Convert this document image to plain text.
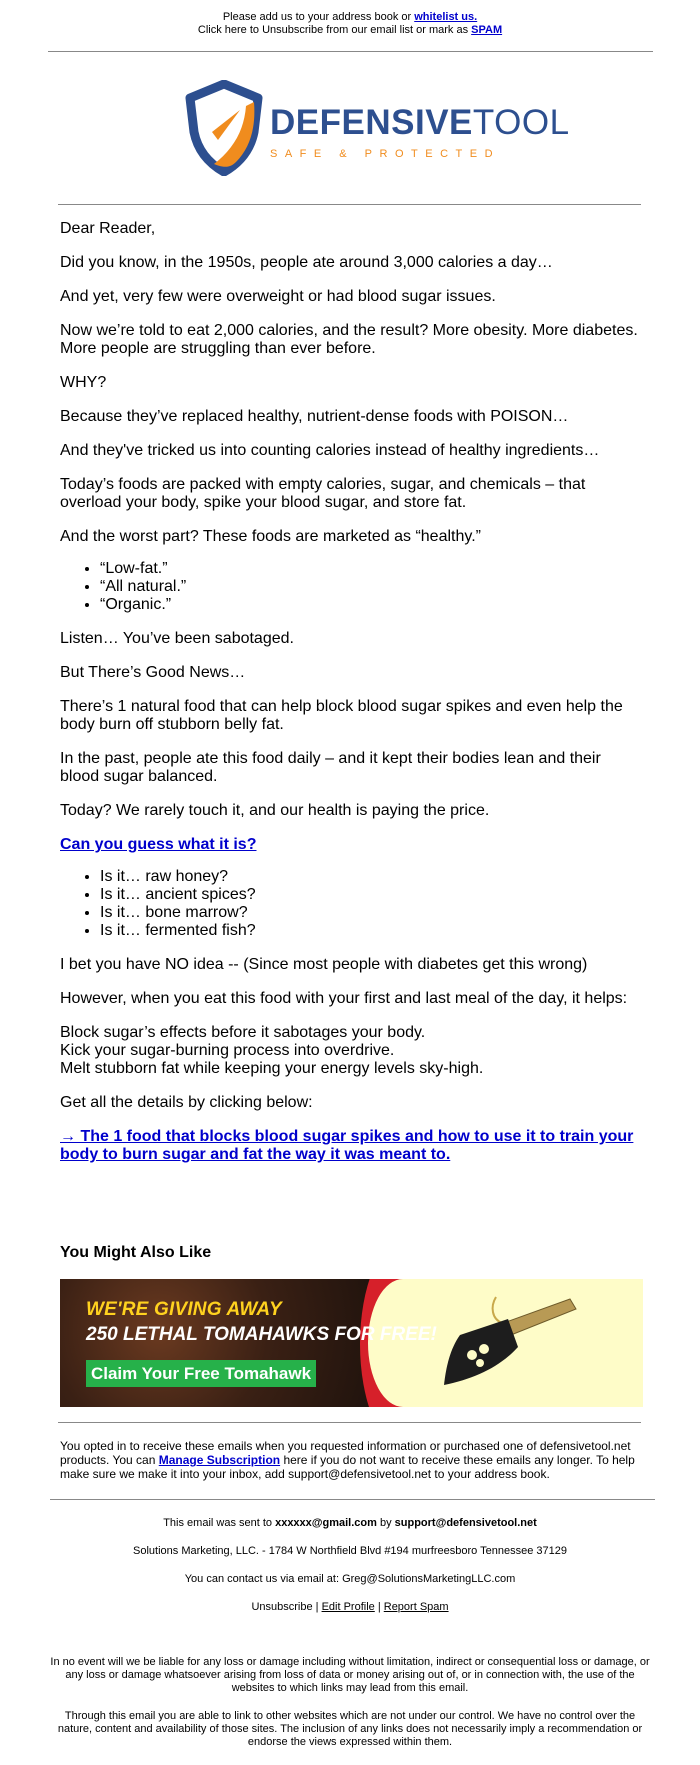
Please add us to your address book or whitelist us.
Click here to Unsubscribe from our email list or mark as SPAM
DEFENSIVETOOL
SAFE & PROTECTED

Dear Reader,

Did you know, in the 1950s, people ate around 3,000 calories a day…

And yet, very few were overweight or had blood sugar issues.

Now we’re told to eat 2,000 calories, and the result? More obesity. More diabetes. More people are struggling than ever before.

WHY?

Because they’ve replaced healthy, nutrient-dense foods with POISON…

And they've tricked us into counting calories instead of healthy ingredients…

Today’s foods are packed with empty calories, sugar, and chemicals – that overload your body, spike your blood sugar, and store fat.

And the worst part? These foods are marketed as “healthy.”

• “Low-fat.”
• “All natural.”
• “Organic.”

Listen… You’ve been sabotaged.

But There’s Good News…

There’s 1 natural food that can help block blood sugar spikes and even help the body burn off stubborn belly fat.

In the past, people ate this food daily – and it kept their bodies lean and their blood sugar balanced.

Today? We rarely touch it, and our health is paying the price.

Can you guess what it is?

• Is it… raw honey?
• Is it… ancient spices?
• Is it… bone marrow?
• Is it… fermented fish?

I bet you have NO idea -- (Since most people with diabetes get this wrong)

However, when you eat this food with your first and last meal of the day, it helps:

Block sugar’s effects before it sabotages your body.
Kick your sugar-burning process into overdrive.
Melt stubborn fat while keeping your energy levels sky-high.

Get all the details by clicking below:

→ The 1 food that blocks blood sugar spikes and how to use it to train your body to burn sugar and fat the way it was meant to.

You Might Also Like
WE'RE GIVING AWAY
250 LETHAL TOMAHAWKS FOR FREE!
Claim Your Free Tomahawk
You opted in to receive these emails when you requested information or purchased one of defensivetool.net products. You can Manage Subscription here if you do not want to receive these emails any longer. To help make sure we make it into your inbox, add support@defensivetool.net to your address book.
This email was sent to xxxxxx@gmail.com by support@defensivetool.net
Solutions Marketing, LLC. - 1784 W Northfield Blvd #194 murfreesboro Tennessee 37129
You can contact us via email at: Greg@SolutionsMarketingLLC.com
Unsubscribe | Edit Profile | Report Spam
In no event will we be liable for any loss or damage including without limitation, indirect or consequential loss or damage, or any loss or damage whatsoever arising from loss of data or money arising out of, or in connection with, the use of the websites to which links may lead from this email.
Through this email you are able to link to other websites which are not under our control. We have no control over the nature, content and availability of those sites. The inclusion of any links does not necessarily imply a recommendation or endorse the views expressed within them.
